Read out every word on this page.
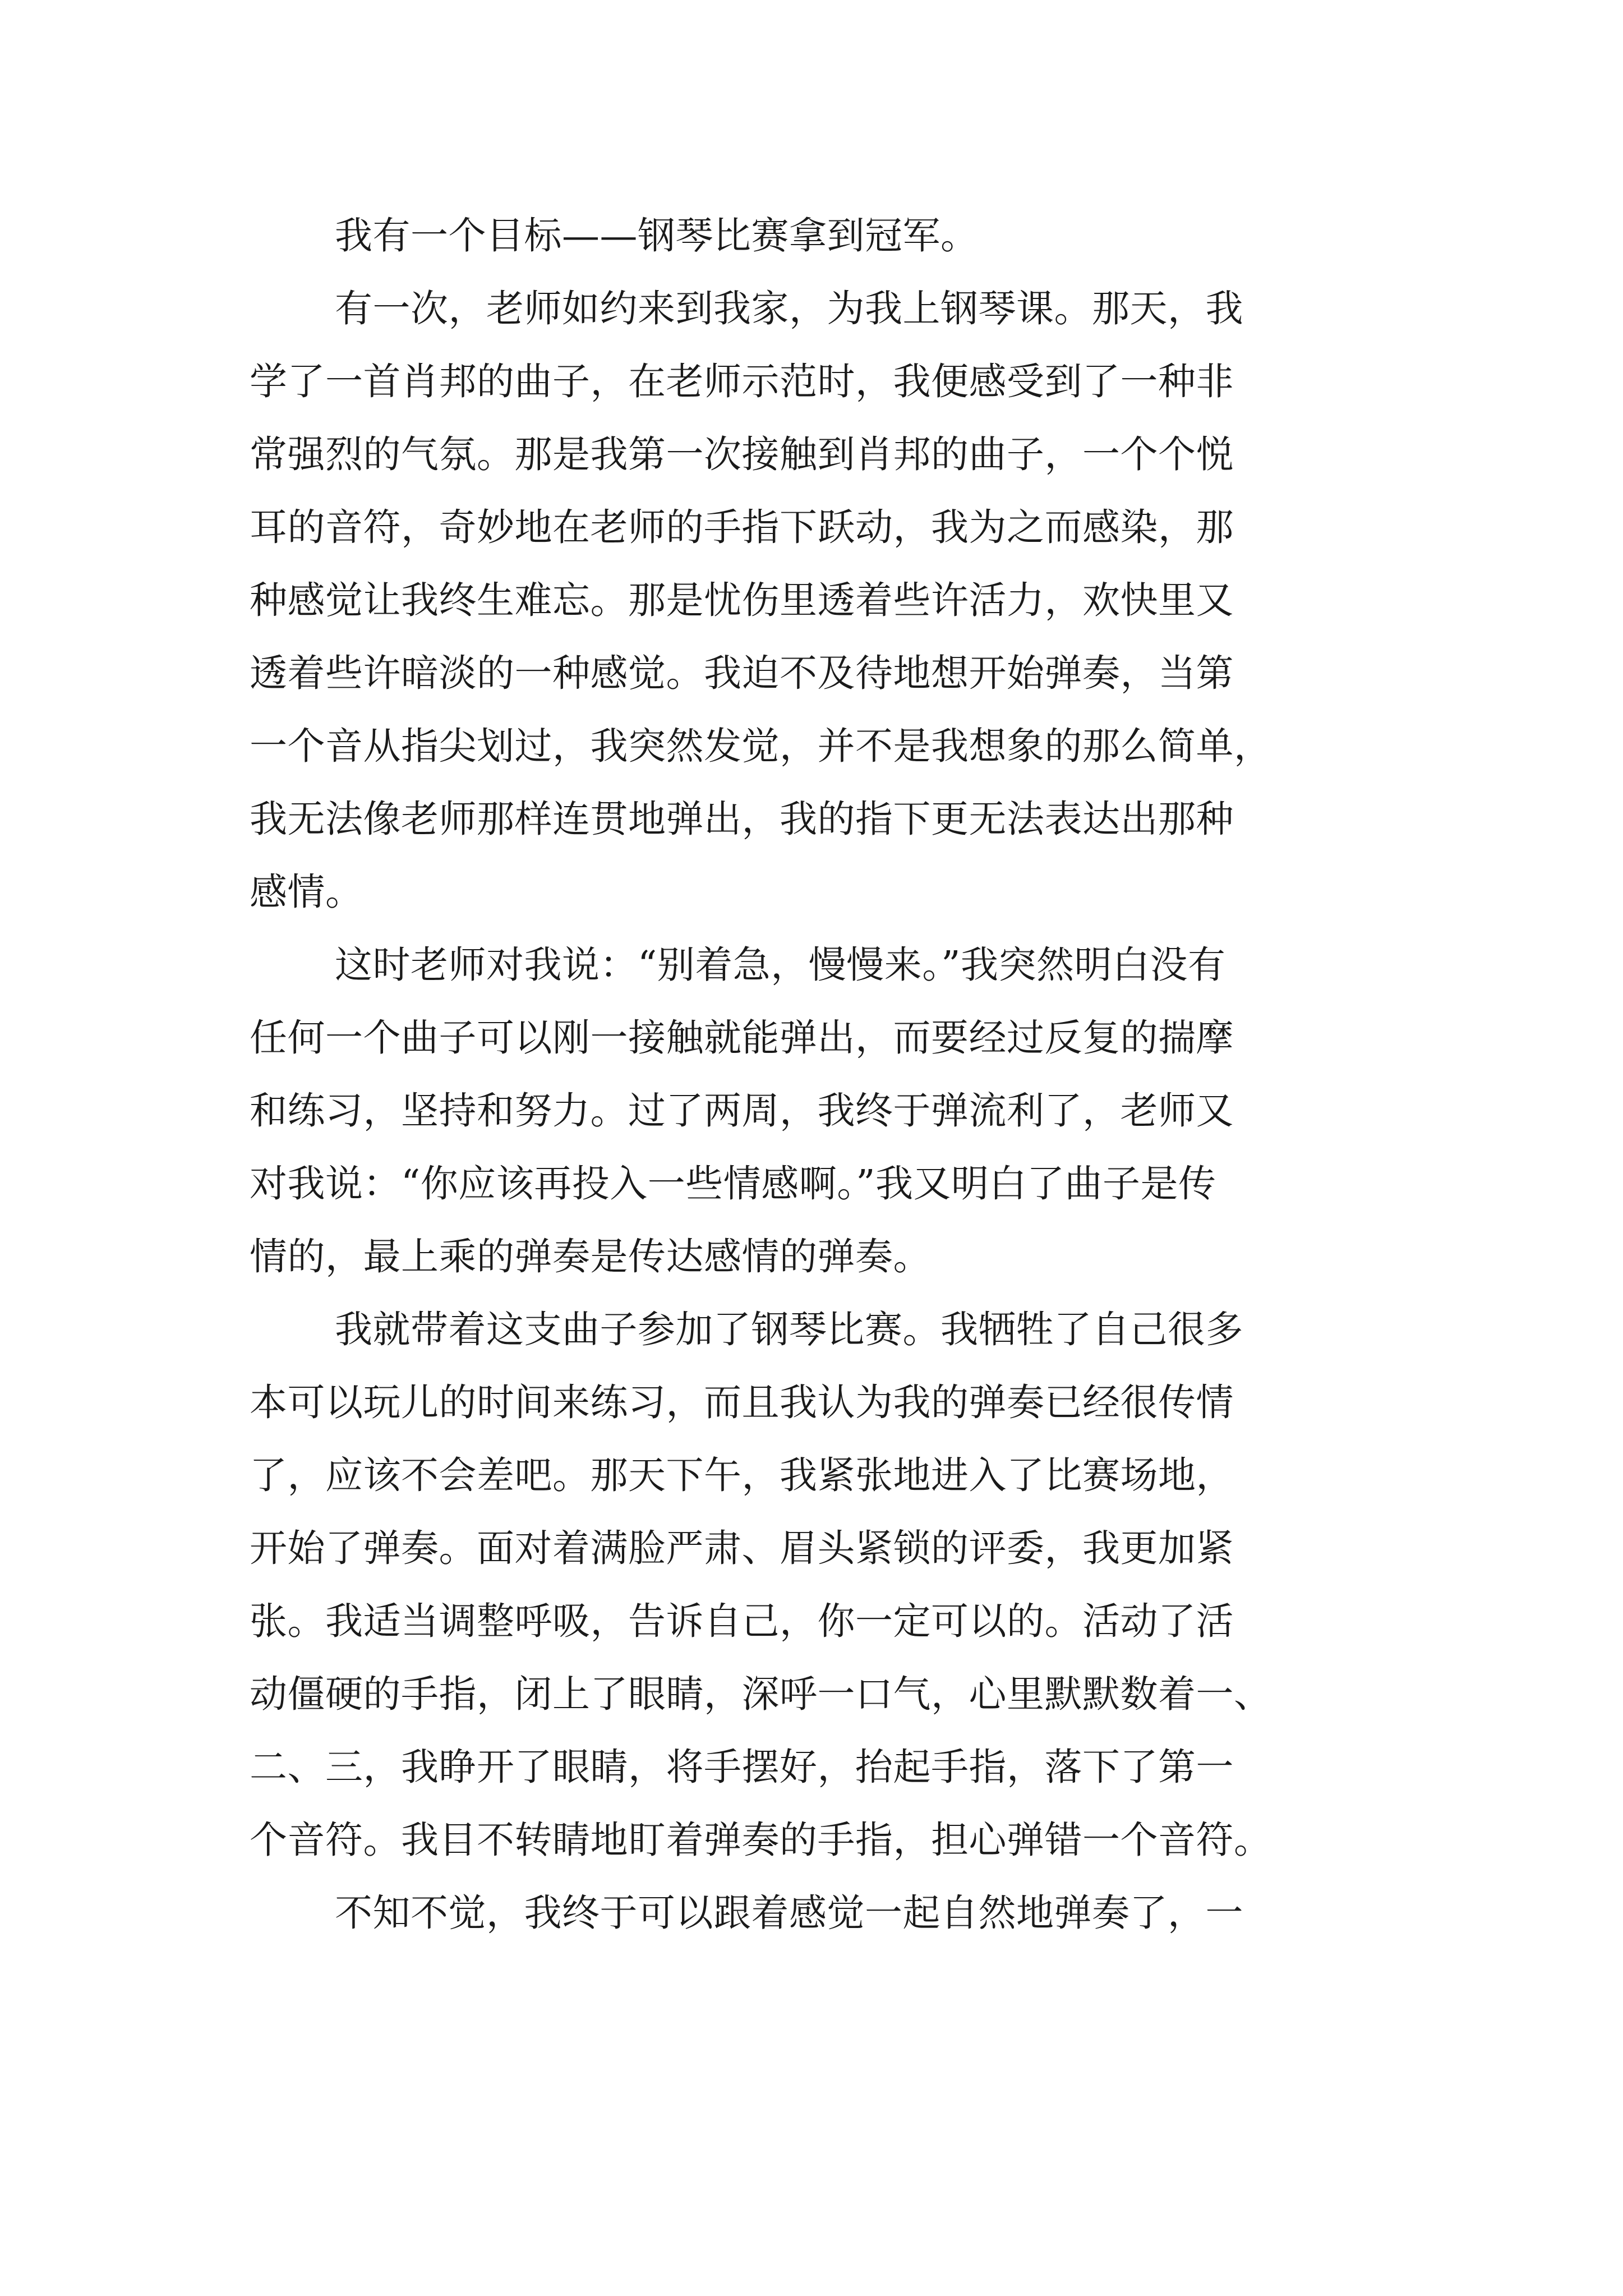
我有一个目标——钢琴比赛拿到冠军。
有一次，老师如约来到我家，为我上钢琴课。那天，我
学了一首肖邦的曲子，在老师示范时，我便感受到了一种非
常强烈的气氛。那是我第一次接触到肖邦的曲子，一个个悦
耳的音符，奇妙地在老师的手指下跃动，我为之而感染，那
种感觉让我终生难忘。那是忧伤里透着些许活力，欢快里又
透着些许暗淡的一种感觉。我迫不及待地想开始弹奏，当第
一个音从指尖划过，我突然发觉，并不是我想象的那么简单，
我无法像老师那样连贯地弹出，我的指下更无法表达出那种
感情。
这时老师对我说：“别着急，慢慢来。”我突然明白没有
任何一个曲子可以刚一接触就能弹出，而要经过反复的揣摩
和练习，坚持和努力。过了两周，我终于弹流利了，老师又
对我说：“你应该再投入一些情感啊。”我又明白了曲子是传
情的，最上乘的弹奏是传达感情的弹奏。
我就带着这支曲子参加了钢琴比赛。我牺牲了自己很多
本可以玩儿的时间来练习，而且我认为我的弹奏已经很传情
了，应该不会差吧。那天下午，我紧张地进入了比赛场地，
开始了弹奏。面对着满脸严肃、眉头紧锁的评委，我更加紧
张。我适当调整呼吸，告诉自己，你一定可以的。活动了活
动僵硬的手指，闭上了眼睛，深呼一口气，心里默默数着一、
二、三，我睁开了眼睛，将手摆好，抬起手指，落下了第一
个音符。我目不转睛地盯着弹奏的手指，担心弹错一个音符。
不知不觉，我终于可以跟着感觉一起自然地弹奏了，一
